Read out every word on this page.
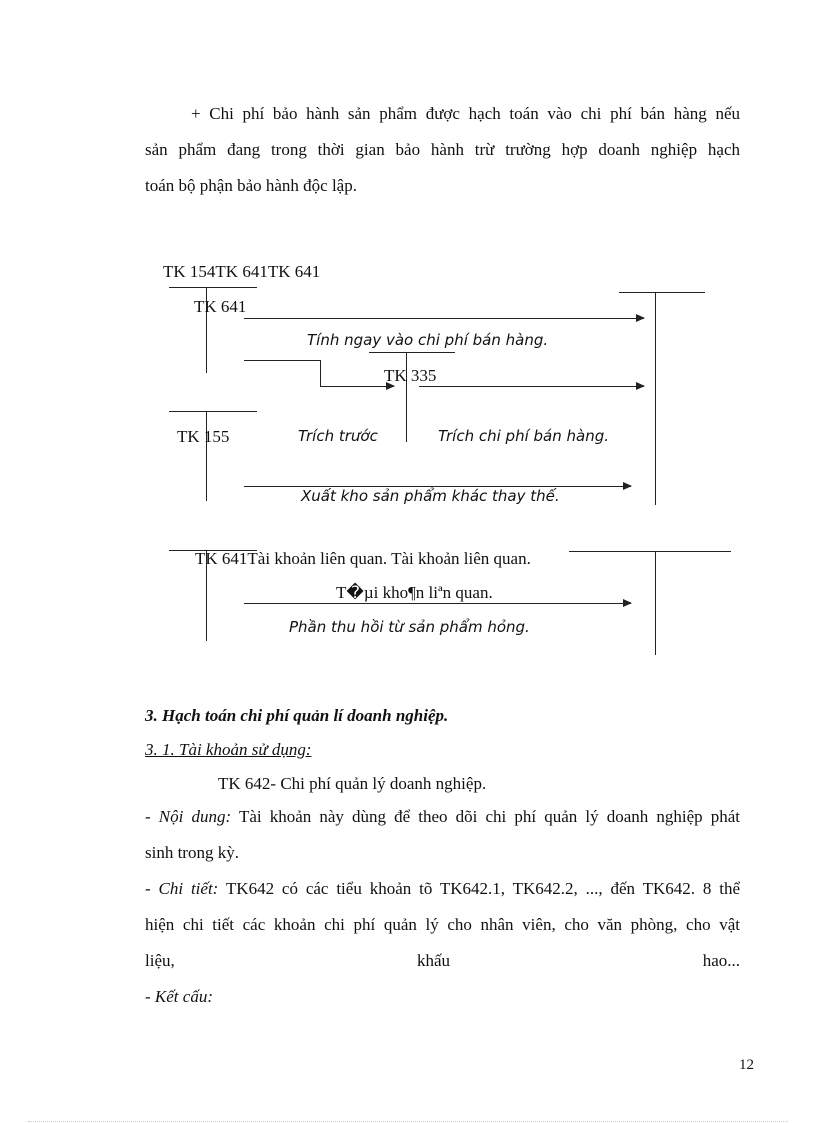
+ Chi phí bảo hành sản phẩm được hạch toán vào chi phí bán hàng nếu
sản phẩm đang trong thời gian bảo hành trừ trường hợp doanh nghiệp hạch
toán bộ phận bảo hành độc lập.
TK 154TK 641TK 641
TK 641
Tính ngay vào chi phí bán hàng.
TK 335
TK 155	Trích trước	Trích chi phí bán hàng.
Xuất kho sản phẩm khác thay thế.
TK 641Tài khoản liên quan. Tài khoản liên quan.
T�µi kho¶n liªn quan.
Phần thu hồi từ sản phẩm hỏng.
3. Hạch toán chi phí quản lí doanh nghiệp.
3. 1. Tài khoản sử dụng:
TK 642- Chi phí quản lý doanh nghiệp.
- Nội dung: Tài khoản này dùng để theo dõi chi phí quản lý doanh nghiệp phát
sinh trong kỳ.
- Chi tiết: TK642 có các tiểu khoản tõ TK642.1, TK642.2, ..., đến TK642. 8 thể
hiện chi tiết các khoản chi phí quản lý cho nhân viên, cho văn phòng, cho vật
liệu,	khấu	hao...
- Kết cấu:
12
